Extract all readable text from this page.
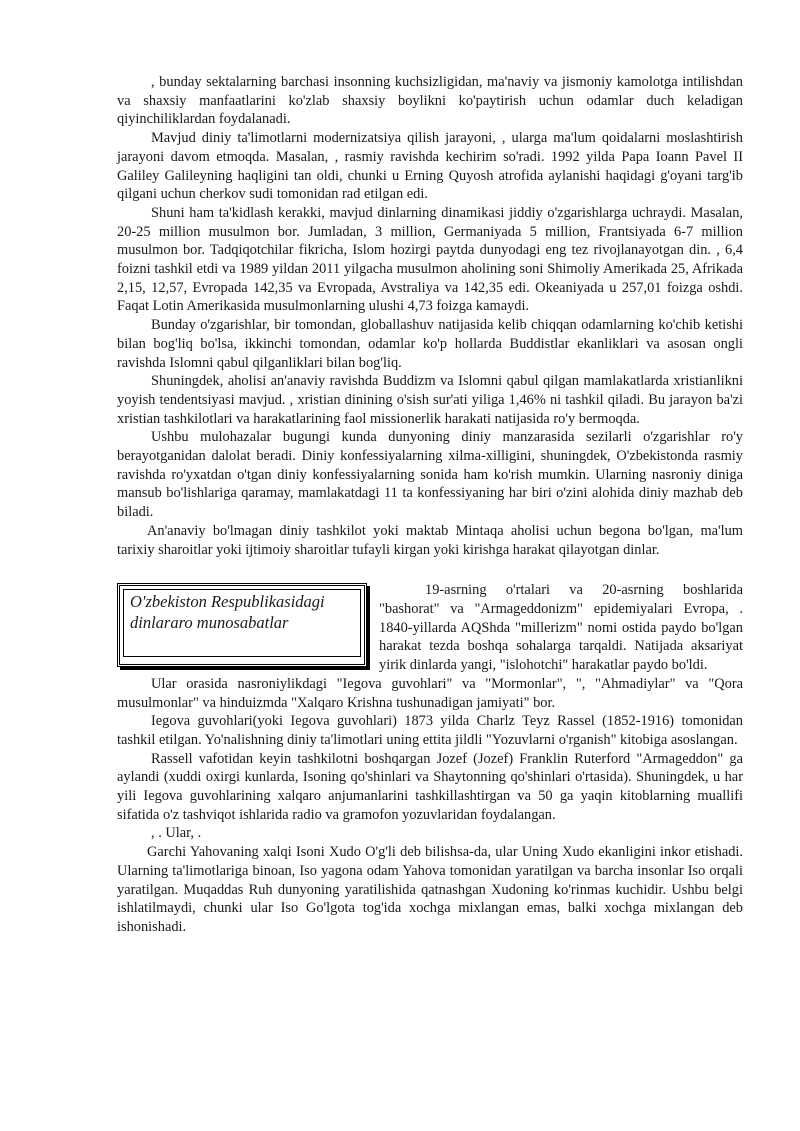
, bunday sektalarning barchasi insonning kuchsizligidan, ma'naviy va jismoniy kamolotga intilishdan va shaxsiy manfaatlarini ko'zlab shaxsiy boylikni ko'paytirish uchun odamlar duch keladigan qiyinchiliklardan foydalanadi.

Mavjud diniy ta'limotlarni modernizatsiya qilish jarayoni, , ularga ma'lum qoidalarni moslashtirish jarayoni davom etmoqda. Masalan, , rasmiy ravishda kechirim so'radi. 1992 yilda Papa Ioann Pavel II Galiley Galileyning haqligini tan oldi, chunki u Erning Quyosh atrofida aylanishi haqidagi g'oyani targ'ib qilgani uchun cherkov sudi tomonidan rad etilgan edi.

Shuni ham ta'kidlash kerakki, mavjud dinlarning dinamikasi jiddiy o'zgarishlarga uchraydi. Masalan, 20-25 million musulmon bor. Jumladan, 3 million, Germaniyada 5 million, Frantsiyada 6-7 million musulmon bor. Tadqiqotchilar fikricha, Islom hozirgi paytda dunyodagi eng tez rivojlanayotgan din. , 6,4 foizni tashkil etdi va 1989 yildan 2011 yilgacha musulmon aholining soni Shimoliy Amerikada 25, Afrikada 2,15, 12,57, Evropada 142,35 va Evropada, Avstraliya va 142,35 edi. Okeaniyada u 257,01 foizga oshdi. Faqat Lotin Amerikasida musulmonlarning ulushi 4,73 foizga kamaydi.

Bunday o'zgarishlar, bir tomondan, globallashuv natijasida kelib chiqqan odamlarning ko'chib ketishi bilan bog'liq bo'lsa, ikkinchi tomondan, odamlar ko'p hollarda Buddistlar ekanliklari va asosan ongli ravishda Islomni qabul qilganliklari bilan bog'liq.

Shuningdek, aholisi an'anaviy ravishda Buddizm va Islomni qabul qilgan mamlakatlarda xristianlikni yoyish tendentsiyasi mavjud. , xristian dinining o'sish sur'ati yiliga 1,46% ni tashkil qiladi. Bu jarayon ba'zi xristian tashkilotlari va harakatlarining faol missionerlik harakati natijasida ro'y bermoqda.

Ushbu mulohazalar bugungi kunda dunyoning diniy manzarasida sezilarli o'zgarishlar ro'y berayotganidan dalolat beradi. Diniy konfessiyalarning xilma-xilligini, shuningdek, O'zbekistonda rasmiy ravishda ro'yxatdan o'tgan diniy konfessiyalarning sonida ham ko'rish mumkin. Ularning nasroniy diniga mansub bo'lishlariga qaramay, mamlakatdagi 11 ta konfessiyaning har biri o'zini alohida diniy mazhab deb biladi.

An'anaviy bo'lmagan diniy tashkilot yoki maktab Mintaqa aholisi uchun begona bo'lgan, ma'lum tarixiy sharoitlar yoki ijtimoiy sharoitlar tufayli kirgan yoki kirishga harakat qilayotgan dinlar.

O'zbekiston Respublikasidagi dinlararo munosabatlar

19-asrning o'rtalari va 20-asrning boshlarida "bashorat" va "Armageddonizm" epidemiyalari Evropa, . 1840-yillarda AQShda "millerizm" nomi ostida paydo bo'lgan harakat tezda boshqa sohalarga tarqaldi. Natijada aksariyat yirik dinlarda yangi, "islohotchi" harakatlar paydo bo'ldi.

Ular orasida nasroniylikdagi "Iegova guvohlari" va "Mormonlar", ", "Ahmadiylar" va "Qora musulmonlar" va hinduizmda "Xalqaro Krishna tushunadigan jamiyati" bor.

Iegova guvohlari(yoki Iegova guvohlari) 1873 yilda Charlz Teyz Rassel (1852-1916) tomonidan tashkil etilgan. Yo'nalishning diniy ta'limotlari uning ettita jildli "Yozuvlarni o'rganish" kitobiga asoslangan.

Rassell vafotidan keyin tashkilotni boshqargan Jozef (Jozef) Franklin Ruterford "Armageddon" ga aylandi (xuddi oxirgi kunlarda, Isoning qo'shinlari va Shaytonning qo'shinlari o'rtasida). Shuningdek, u har yili Iegova guvohlarining xalqaro anjumanlarini tashkillashtirgan va 50 ga yaqin kitoblarning muallifi sifatida o'z tashviqot ishlarida radio va gramofon yozuvlaridan foydalangan.

, . Ular, .

Garchi Yahovaning xalqi Isoni Xudo O'g'li deb bilishsa-da, ular Uning Xudo ekanligini inkor etishadi. Ularning ta'limotlariga binoan, Iso yagona odam Yahova tomonidan yaratilgan va barcha insonlar Iso orqali yaratilgan. Muqaddas Ruh dunyoning yaratilishida qatnashgan Xudoning ko'rinmas kuchidir. Ushbu belgi ishlatilmaydi, chunki ular Iso Go'lgota tog'ida xochga mixlangan emas, balki xochga mixlangan deb ishonishadi.
